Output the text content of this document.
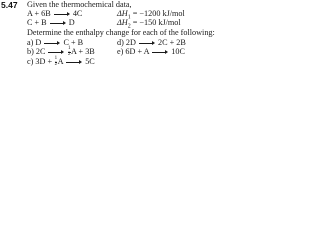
5.47 Given the thermochemical data,
A + 6B	4C	$\Delta H_1 = -1200$ kJ/mol
C + B	D	$\Delta H_2 = -150$ kJ/mol
Determine the enthalpy change for each of the following:
a) D	C + B	d) 2D	2C + 2B
b) 2C	$\frac{1}{2}$ A + 3B	e) 6D + A	10C
c) $3D + \frac{1}{2}$ A	5C
